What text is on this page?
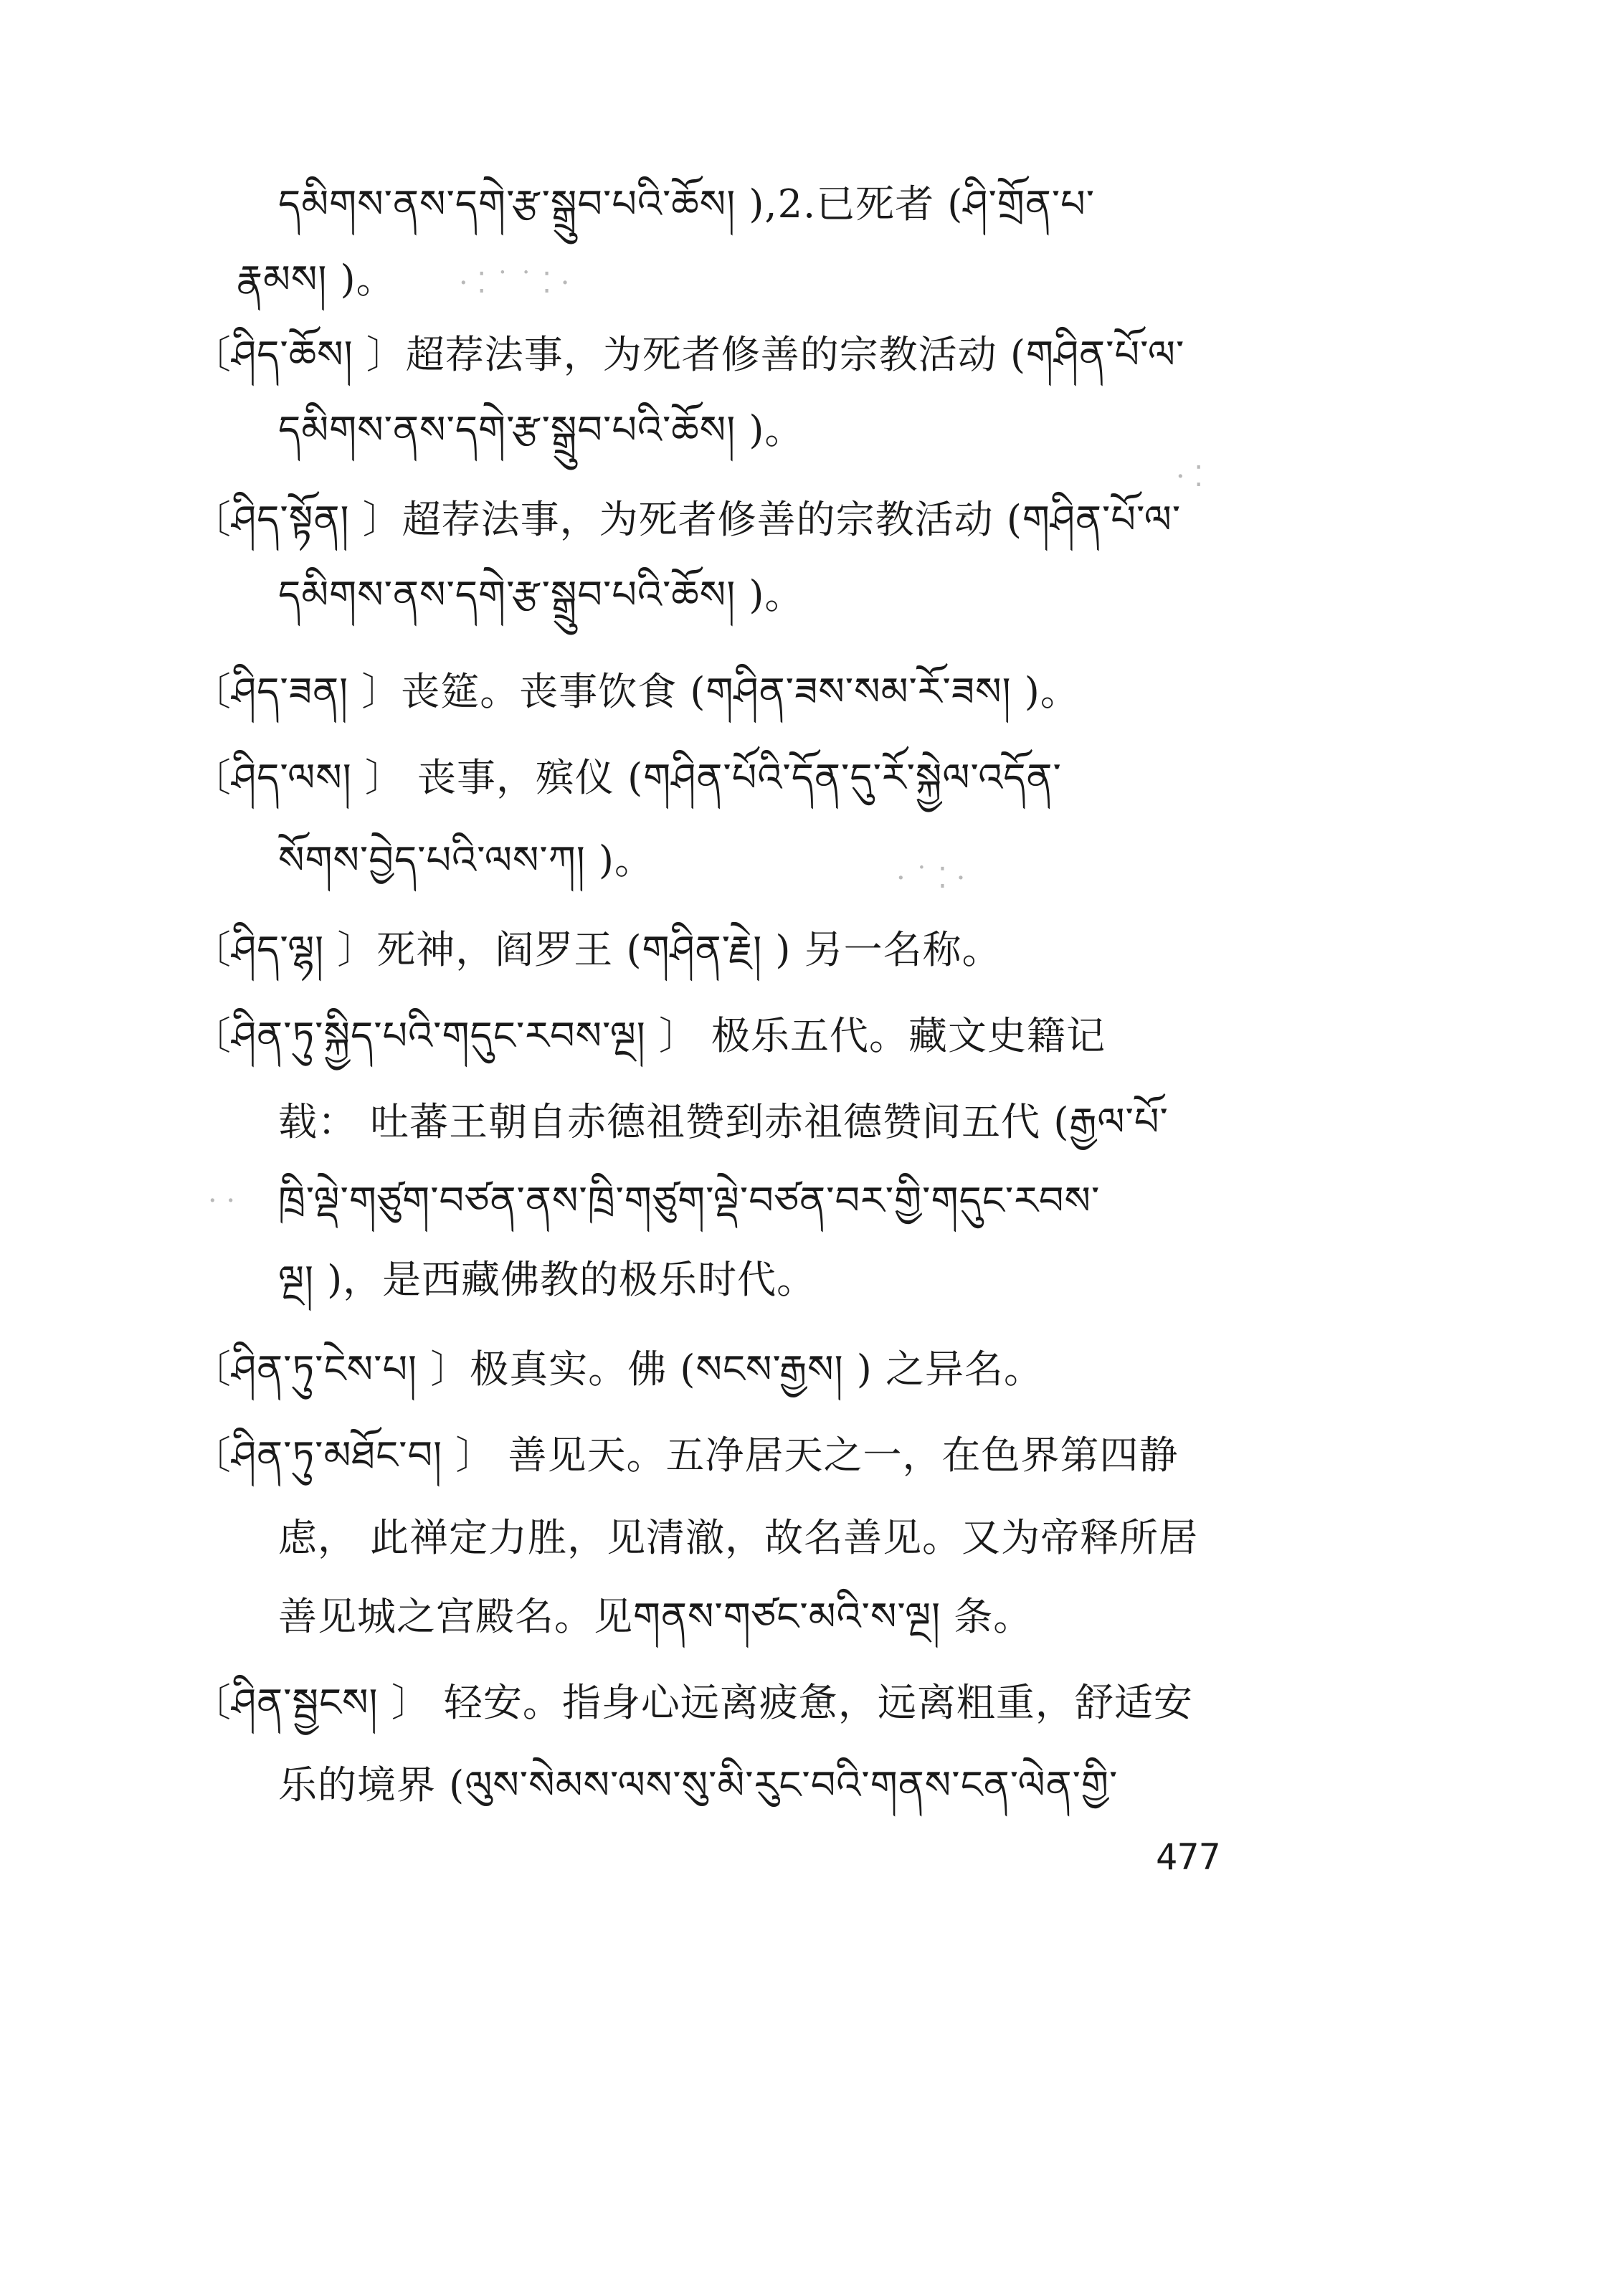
དམིགས་ནས་དགེ་རྩ་སྒྲུབ་པའི་ཆོས། ),2.已死者 (ཤི་གྲོན་པ་
རྣམས། )。
〔ཤིད་ཆོས། 〕超荐法事，为死者修善的宗教活动 (གཤིན་པོ་ལ་
དམིགས་ནས་དགེ་རྩ་སྒྲུབ་པའི་ཆོས། )。
〔ཤིད་སྟོན། 〕超荐法事，为死者修善的宗教活动 (གཤིན་པོ་ལ་
དམིགས་ནས་དགེ་རྩ་སྒྲུབ་པའི་ཆོས། )。
〔ཤིད་ཟན། 〕丧筵。丧事饮食 (གཤིན་ཟས་སམ་རོ་ཟས། )。
〔ཤིད་ལས། 〕 丧事，殡仪 (གཤིན་པོའི་དོན་དུ་རོ་སྐྱེལ་འདོན་
སོགས་བྱེད་པའི་ལས་ཀ། )。
〔ཤིད་ལྷ། 〕死神，阎罗王 (གཤིན་རྗེ། ) 另一名称。
〔ཤིན་ཏུ་སྐྱིད་པའི་གདུང་རབས་ལྔ། 〕 极乐五代。藏文史籍记
载： 吐蕃王朝自赤德祖赞到赤祖德赞间五代 (རྒྱལ་པོ་
ཁྲི་ལྡེ་གཙུག་བཙན་ནས་ཁྲི་གཙུག་ལྡེ་བཙན་བར་གྱི་གདུང་རབས་
ལྔ། )，是西藏佛教的极乐时代。
〔ཤིན་ཏུ་ངེས་པ། 〕极真实。佛 (སངས་རྒྱས། ) 之异名。
〔ཤིན་ཏུ་མཐོང་བ། 〕 善见天。五净居天之一，在色界第四静
虑， 此禅定力胜，见清澈，故名善见。又为帝释所居
善见城之宫殿名。见གནས་གཙང་མའི་ས་ལྔ། 条。
〔ཤིན་སྦྱངས། 〕 轻安。指身心远离疲惫，远离粗重，舒适安
乐的境界 (ལུས་སེམས་ལས་སུ་མི་རུང་བའི་གནས་ངན་ལེན་གྱི་
477
· ⁚ ˙ ˙ ⁚ ·
· ⁚
· ˙ ⁚ ·
· ·
